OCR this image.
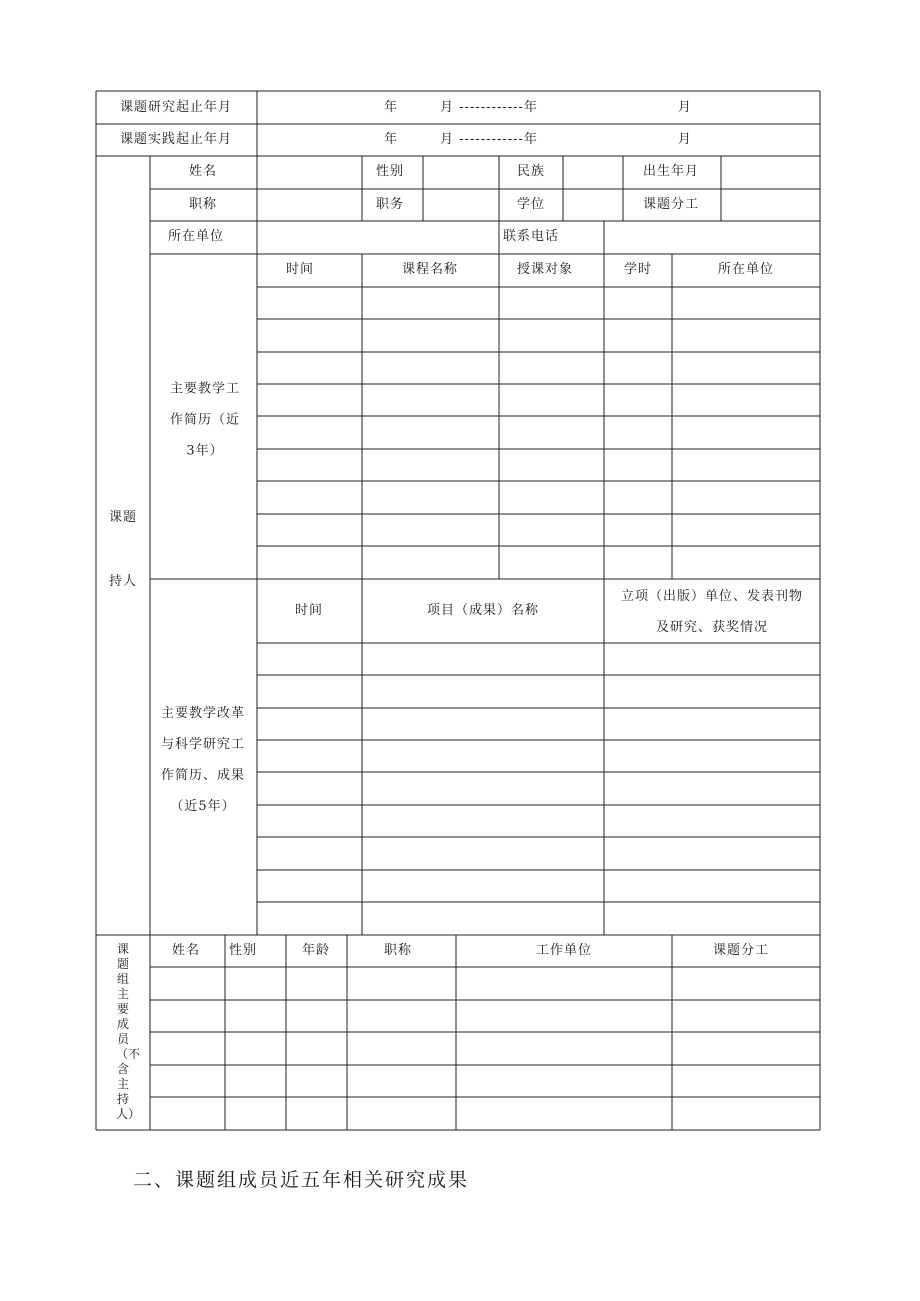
课题研究起止年月	年　　　月 ------------年　　　　　　　　　　月
课题实践起止年月	年　　　月 ------------年　　　　　　　　　　月
课题
持人
姓名	性别	民族	出生年月
职称	职务	学位	课题分工
所在单位	联系电话
主要教学工
作简历（近
3年）
时间	课程名称	授课对象	学时	所在单位
主要教学改革
与科学研究工
作简历、成果
（近5年）
时间	项目（成果）名称
立项（出版）单位、发表刊物
及研究、获奖情况
课题组主要成员（不含主持人）
姓名 性别	年龄	职称	工作单位	课题分工
二、课题组成员近五年相关研究成果
